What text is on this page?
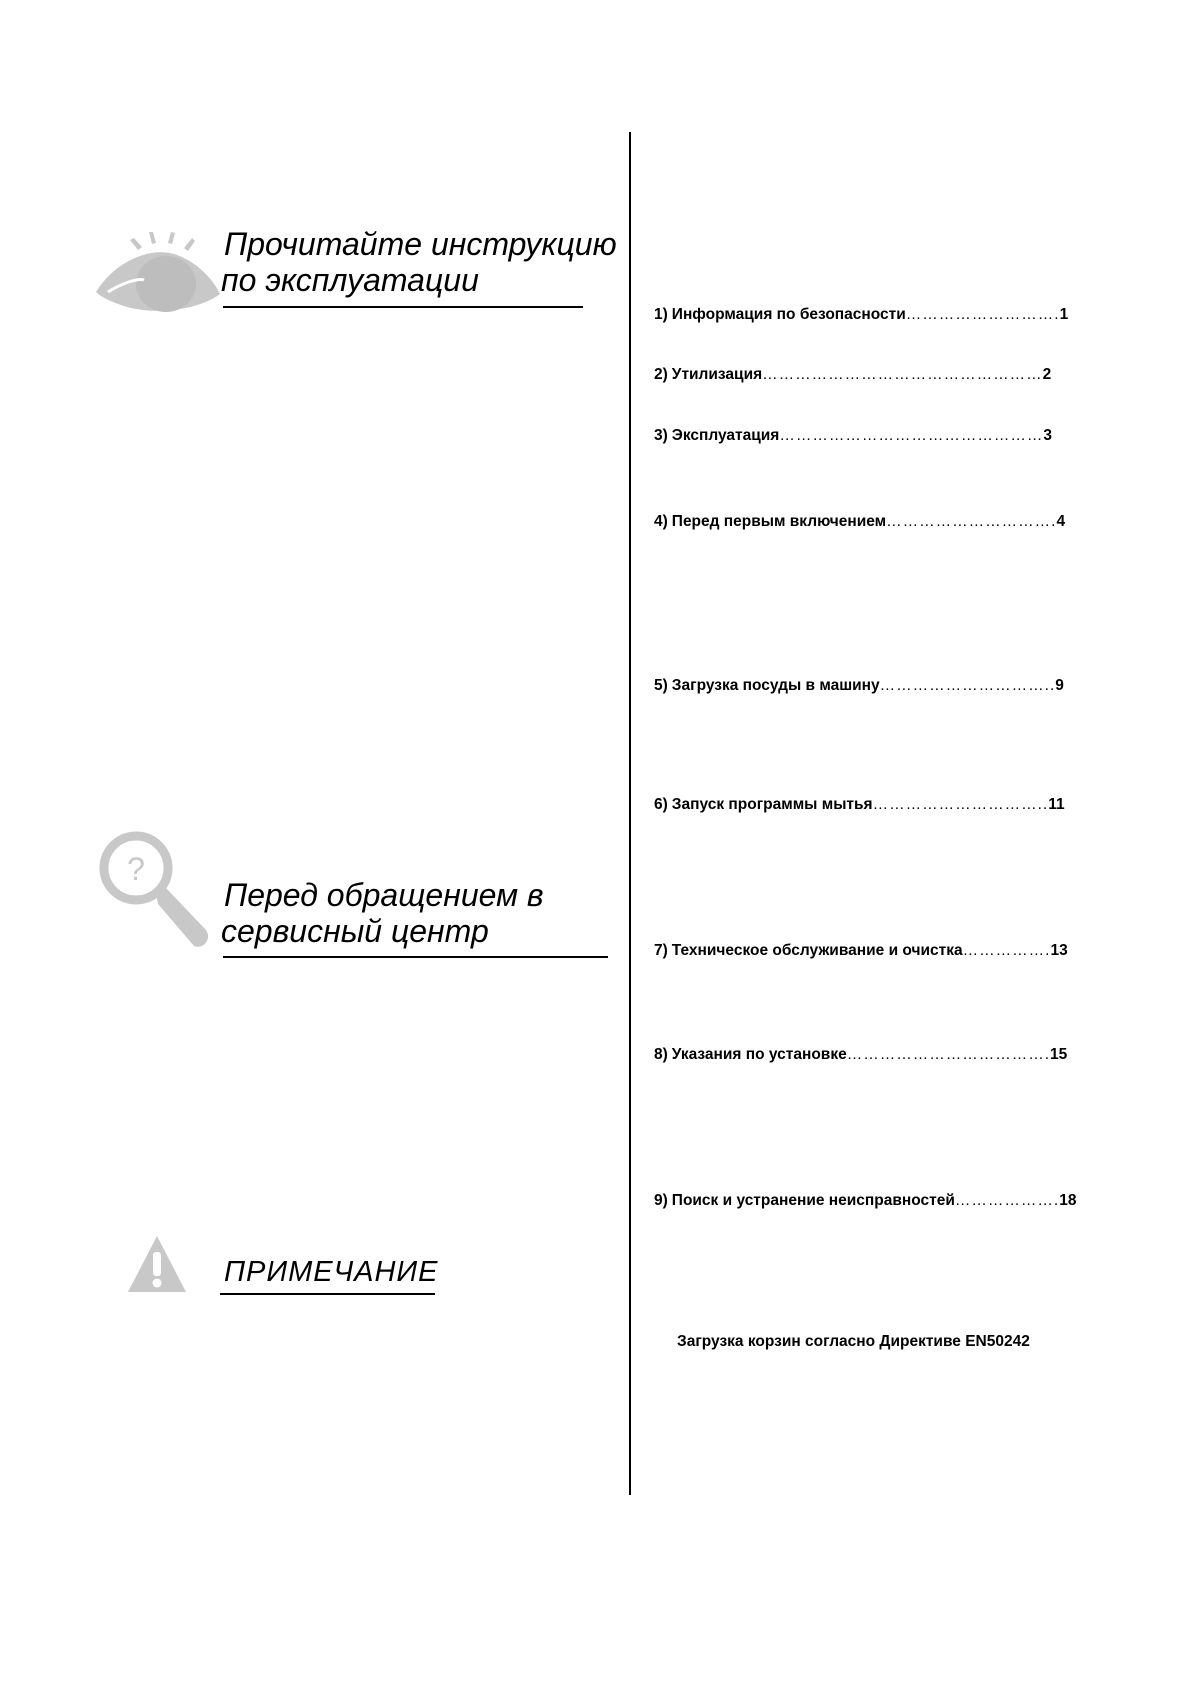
Прочитайте инструкцию
по эксплуатации
?
Перед обращением в
сервисный центр
ПРИМЕЧАНИЕ
1) Информация по безопасности ………………………. 1
2) Утилизация …………………………………………… 2
3) Эксплуатация ………………………………………… 3
4) Перед первым включением …………………………. 4
5) Загрузка посуды в машину ………………………….. 9
6) Запуск программы мытья ………………………….. 11
7) Техническое обслуживание и очистка ……………. 13
8) Указания по установке ………………………………. 15
9) Поиск и устранение неисправностей ………………. 18
Загрузка корзин согласно Директиве EN50242
